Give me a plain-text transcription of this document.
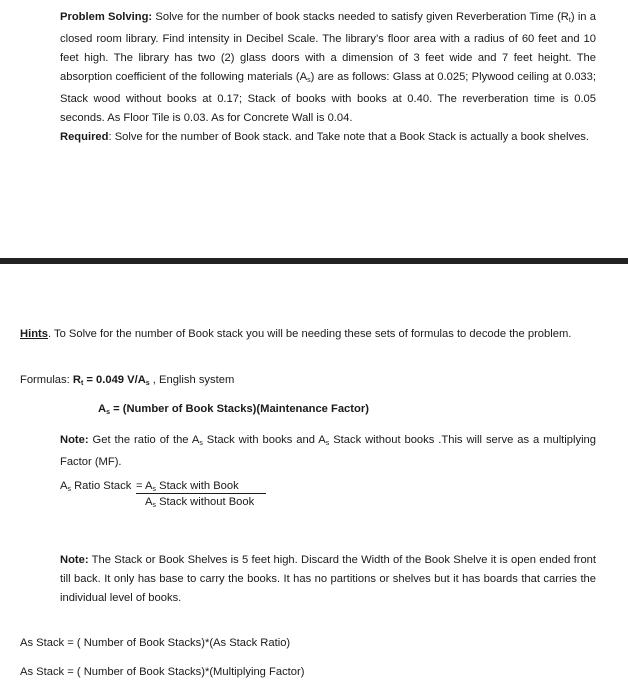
Problem Solving: Solve for the number of book stacks needed to satisfy given Reverberation Time $(R_t)$ in a closed room library. Find intensity in Decibel Scale. The library’s floor area with a radius of 60 feet and 10 feet high. The library has two (2) glass doors with a dimension of 3 feet wide and 7 feet height. The absorption coefficient of the following materials $(A_s)$ are as follows: Glass at 0.025; Plywood ceiling at 0.033; Stack wood without books at 0.17; Stack of books with books at 0.40. The reverberation time is 0.05 seconds. As Floor Tile is 0.03. As for Concrete Wall is 0.04.
Required: Solve for the number of Book stack. and Take note that a Book Stack is actually a book shelves.
Hints. To Solve for the number of Book stack you will be needing these sets of formulas to decode the problem.
Formulas: $R_t = 0.049$ $V/A_s$ , English system
$A_s$ = (Number of Book Stacks)(Maintenance Factor)
Note: Get the ratio of the $A_s$ Stack with books and $A_s$ Stack without books .This will serve as a multiplying Factor (MF).
$A_s$ Ratio Stack = $A_s$ Stack with Book
$A_s$ Stack without Book
Note: The Stack or Book Shelves is 5 feet high. Discard the Width of the Book Shelve it is open ended front till back. It only has base to carry the books. It has no partitions or shelves but it has boards that carries the individual level of books.
As Stack = ( Number of Book Stacks)*(As Stack Ratio)
As Stack = ( Number of Book Stacks)*(Multiplying Factor)
